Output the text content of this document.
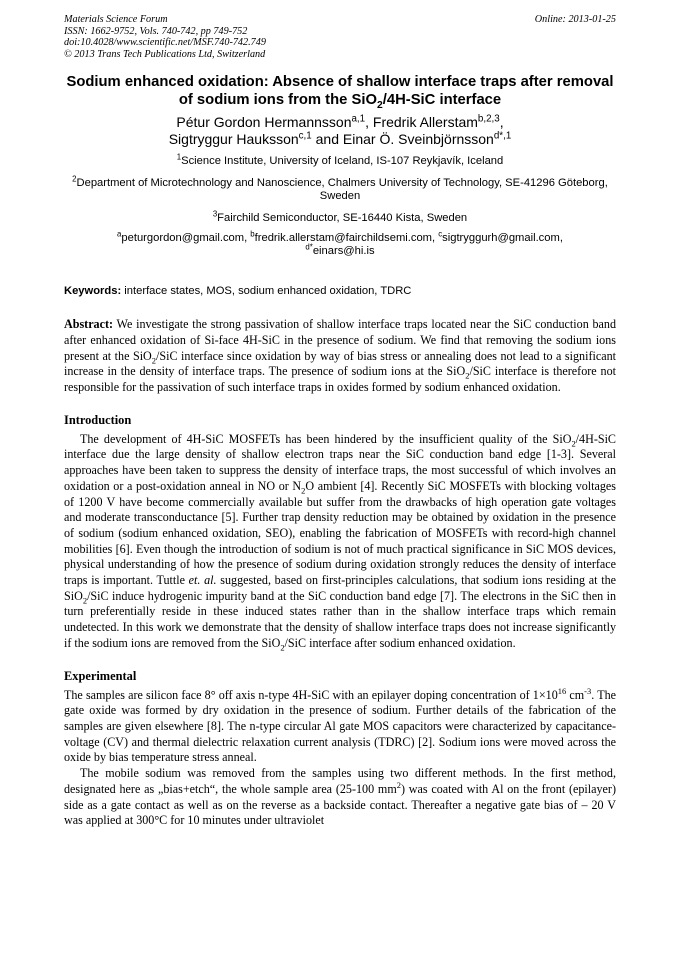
Materials Science Forum
ISSN: 1662-9752, Vols. 740-742, pp 749-752
doi:10.4028/www.scientific.net/MSF.740-742.749
© 2013 Trans Tech Publications Ltd, Switzerland
Online: 2013-01-25
Sodium enhanced oxidation: Absence of shallow interface traps after removal of sodium ions from the SiO$_2$/4H-SiC interface
Pétur Gordon Hermannsson$^{a,1}$, Fredrik Allerstam$^{b,2,3}$,
Sigtryggur Hauksson$^{c,1}$ and Einar Ö. Sveinbjörnsson$^{d*,1}$
$^1$Science Institute, University of Iceland, IS-107 Reykjavík, Iceland
$^2$Department of Microtechnology and Nanoscience, Chalmers University of Technology, SE-41296 Göteborg, Sweden
$^3$Fairchild Semiconductor, SE-16440 Kista, Sweden
$^a$peturgordon@gmail.com, $^b$fredrik.allerstam@fairchildsemi.com, $^c$sigtryggurh@gmail.com,
$^{d*}$einars@hi.is
Keywords: interface states, MOS, sodium enhanced oxidation, TDRC
Abstract: We investigate the strong passivation of shallow interface traps located near the SiC conduction band after enhanced oxidation of Si-face 4H-SiC in the presence of sodium. We find that removing the sodium ions present at the SiO$_2$/SiC interface since oxidation by way of bias stress or annealing does not lead to a significant increase in the density of interface traps. The presence of sodium ions at the SiO$_2$/SiC interface is therefore not responsible for the passivation of such interface traps in oxides formed by sodium enhanced oxidation.
Introduction

The development of 4H-SiC MOSFETs has been hindered by the insufficient quality of the SiO$_2$/4H-SiC interface due the large density of shallow electron traps near the SiC conduction band edge [1-3]. Several approaches have been taken to suppress the density of interface traps, the most successful of which involves an oxidation or a post-oxidation anneal in NO or $N_2O$ ambient [4]. Recently SiC MOSFETs with blocking voltages of 1200 V have become commercially available but suffer from the drawbacks of high operation gate voltages and moderate transconductance [5]. Further trap density reduction may be obtained by oxidation in the presence of sodium (sodium enhanced oxidation, SEO), enabling the fabrication of MOSFETs with record-high channel mobilities [6]. Even though the introduction of sodium is not of much practical significance in SiC MOS devices, physical understanding of how the presence of sodium during oxidation strongly reduces the density of interface traps is important. Tuttle et. al. suggested, based on first-principles calculations, that sodium ions residing at the SiO$_2$/SiC induce hydrogenic impurity band at the SiC conduction band edge [7]. The electrons in the SiC then in turn preferentially reside in these induced states rather than in the shallow interface traps which remain undetected. In this work we demonstrate that the density of shallow interface traps does not increase significantly if the sodium ions are removed from the SiO$_2$/SiC interface after sodium enhanced oxidation.

Experimental

The samples are silicon face 8° off axis n-type 4H-SiC with an epilayer doping concentration of $1\times 10^{16}$ $cm^{-3}$. The gate oxide was formed by dry oxidation in the presence of sodium. Further details of the fabrication of the samples are given elsewhere [8]. The n-type circular Al gate MOS capacitors were characterized by capacitance-voltage (CV) and thermal dielectric relaxation current analysis (TDRC) [2]. Sodium ions were moved across the oxide by bias temperature stress anneal.

The mobile sodium was removed from the samples using two different methods. In the first method, designated here as „bias+etch“, the whole sample area (25-100 $mm^2$) was coated with Al on the front (epilayer) side as a gate contact as well as on the reverse as a backside contact. Thereafter a negative gate bias of – 20 V was applied at 300°C for 10 minutes under ultraviolet
